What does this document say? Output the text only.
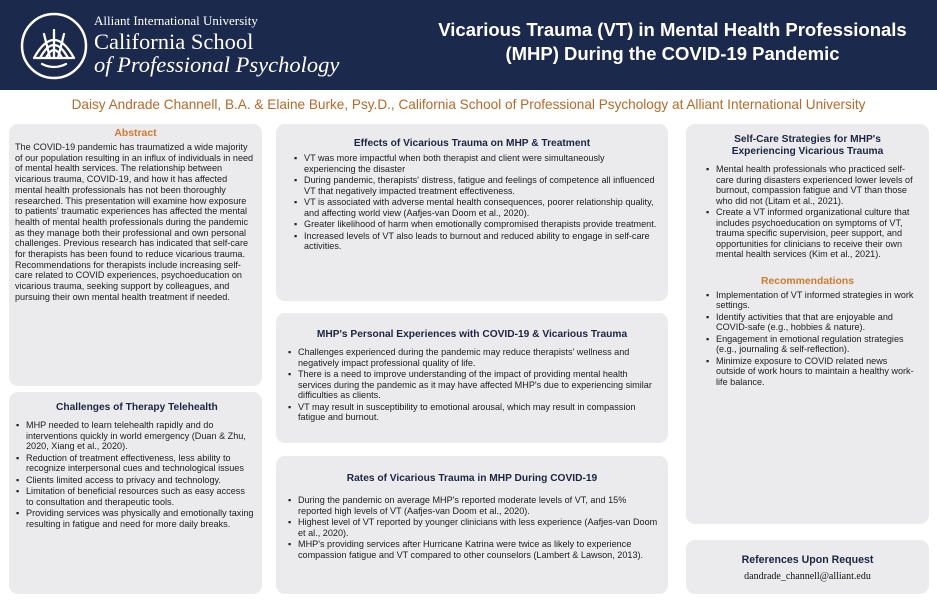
Alliant International University
California School
of Professional Psychology
Vicarious Trauma (VT) in Mental Health Professionals
(MHP) During the COVID-19 Pandemic
Daisy Andrade Channell, B.A. & Elaine Burke, Psy.D., California School of Professional Psychology at Alliant International University
Abstract

The COVID-19 pandemic has traumatized a wide majority of our population resulting in an influx of individuals in need of mental health services. The relationship between vicarious trauma, COVID-19, and how it has affected mental health professionals has not been thoroughly researched. This presentation will examine how exposure to patients' traumatic experiences has affected the mental health of mental health professionals during the pandemic as they manage both their professional and own personal challenges. Previous research has indicated that self-care for therapists has been found to reduce vicarious trauma. Recommendations for therapists include increasing self-care related to COVID experiences, psychoeducation on vicarious trauma, seeking support by colleagues, and pursuing their own mental health treatment if needed.

Challenges of Therapy Telehealth
▪ MHP needed to learn telehealth rapidly and do interventions quickly in world emergency (Duan & Zhu, 2020, Xiang et al., 2020).
▪ Reduction of treatment effectiveness, less ability to recognize interpersonal cues and technological issues
▪ Clients limited access to privacy and technology.
▪ Limitation of beneficial resources such as easy access to consultation and therapeutic tools.
▪ Providing services was physically and emotionally taxing resulting in fatigue and need for more daily breaks.
Effects of Vicarious Trauma on MHP & Treatment
▪ VT was more impactful when both therapist and client were simultaneously experiencing the disaster
▪ During pandemic, therapists' distress, fatigue and feelings of competence all influenced VT that negatively impacted treatment effectiveness.
▪ VT is associated with adverse mental health consequences, poorer relationship quality, and affecting world view (Aafjes-van Doom et al., 2020).
▪ Greater likelihood of harm when emotionally compromised therapists provide treatment.
▪ Increased levels of VT also leads to burnout and reduced ability to engage in self-care activities.
MHP's Personal Experiences with COVID-19 & Vicarious Trauma
▪ Challenges experienced during the pandemic may reduce therapists' wellness and negatively impact professional quality of life.
▪ There is a need to improve understanding of the impact of providing mental health services during the pandemic as it may have affected MHP's due to experiencing similar difficulties as clients.
▪ VT may result in susceptibility to emotional arousal, which may result in compassion fatigue and burnout.
Rates of Vicarious Trauma in MHP During COVID-19
▪ During the pandemic on average MHP's reported moderate levels of VT, and 15% reported high levels of VT (Aafjes-van Doom et al., 2020).
▪ Highest level of VT reported by younger clinicians with less experience (Aafjes-van Doom et al., 2020).
▪ MHP's providing services after Hurricane Katrina were twice as likely to experience compassion fatigue and VT compared to other counselors (Lambert & Lawson, 2013).
Self-Care Strategies for MHP's Experiencing Vicarious Trauma
▪ Mental health professionals who practiced self-care during disasters experienced lower levels of burnout, compassion fatigue and VT than those who did not (Litam et al., 2021).
▪ Create a VT informed organizational culture that includes psychoeducation on symptoms of VT, trauma specific supervision, peer support, and opportunities for clinicians to receive their own mental health services (Kim et al., 2021).
Recommendations
▪ Implementation of VT informed strategies in work settings.
▪ Identify activities that that are enjoyable and COVID-safe (e.g., hobbies & nature).
▪ Engagement in emotional regulation strategies (e.g., journaling & self-reflection).
▪ Minimize exposure to COVID related news outside of work hours to maintain a healthy work-life balance.
References Upon Request
dandrade_channell@alliant.edu
